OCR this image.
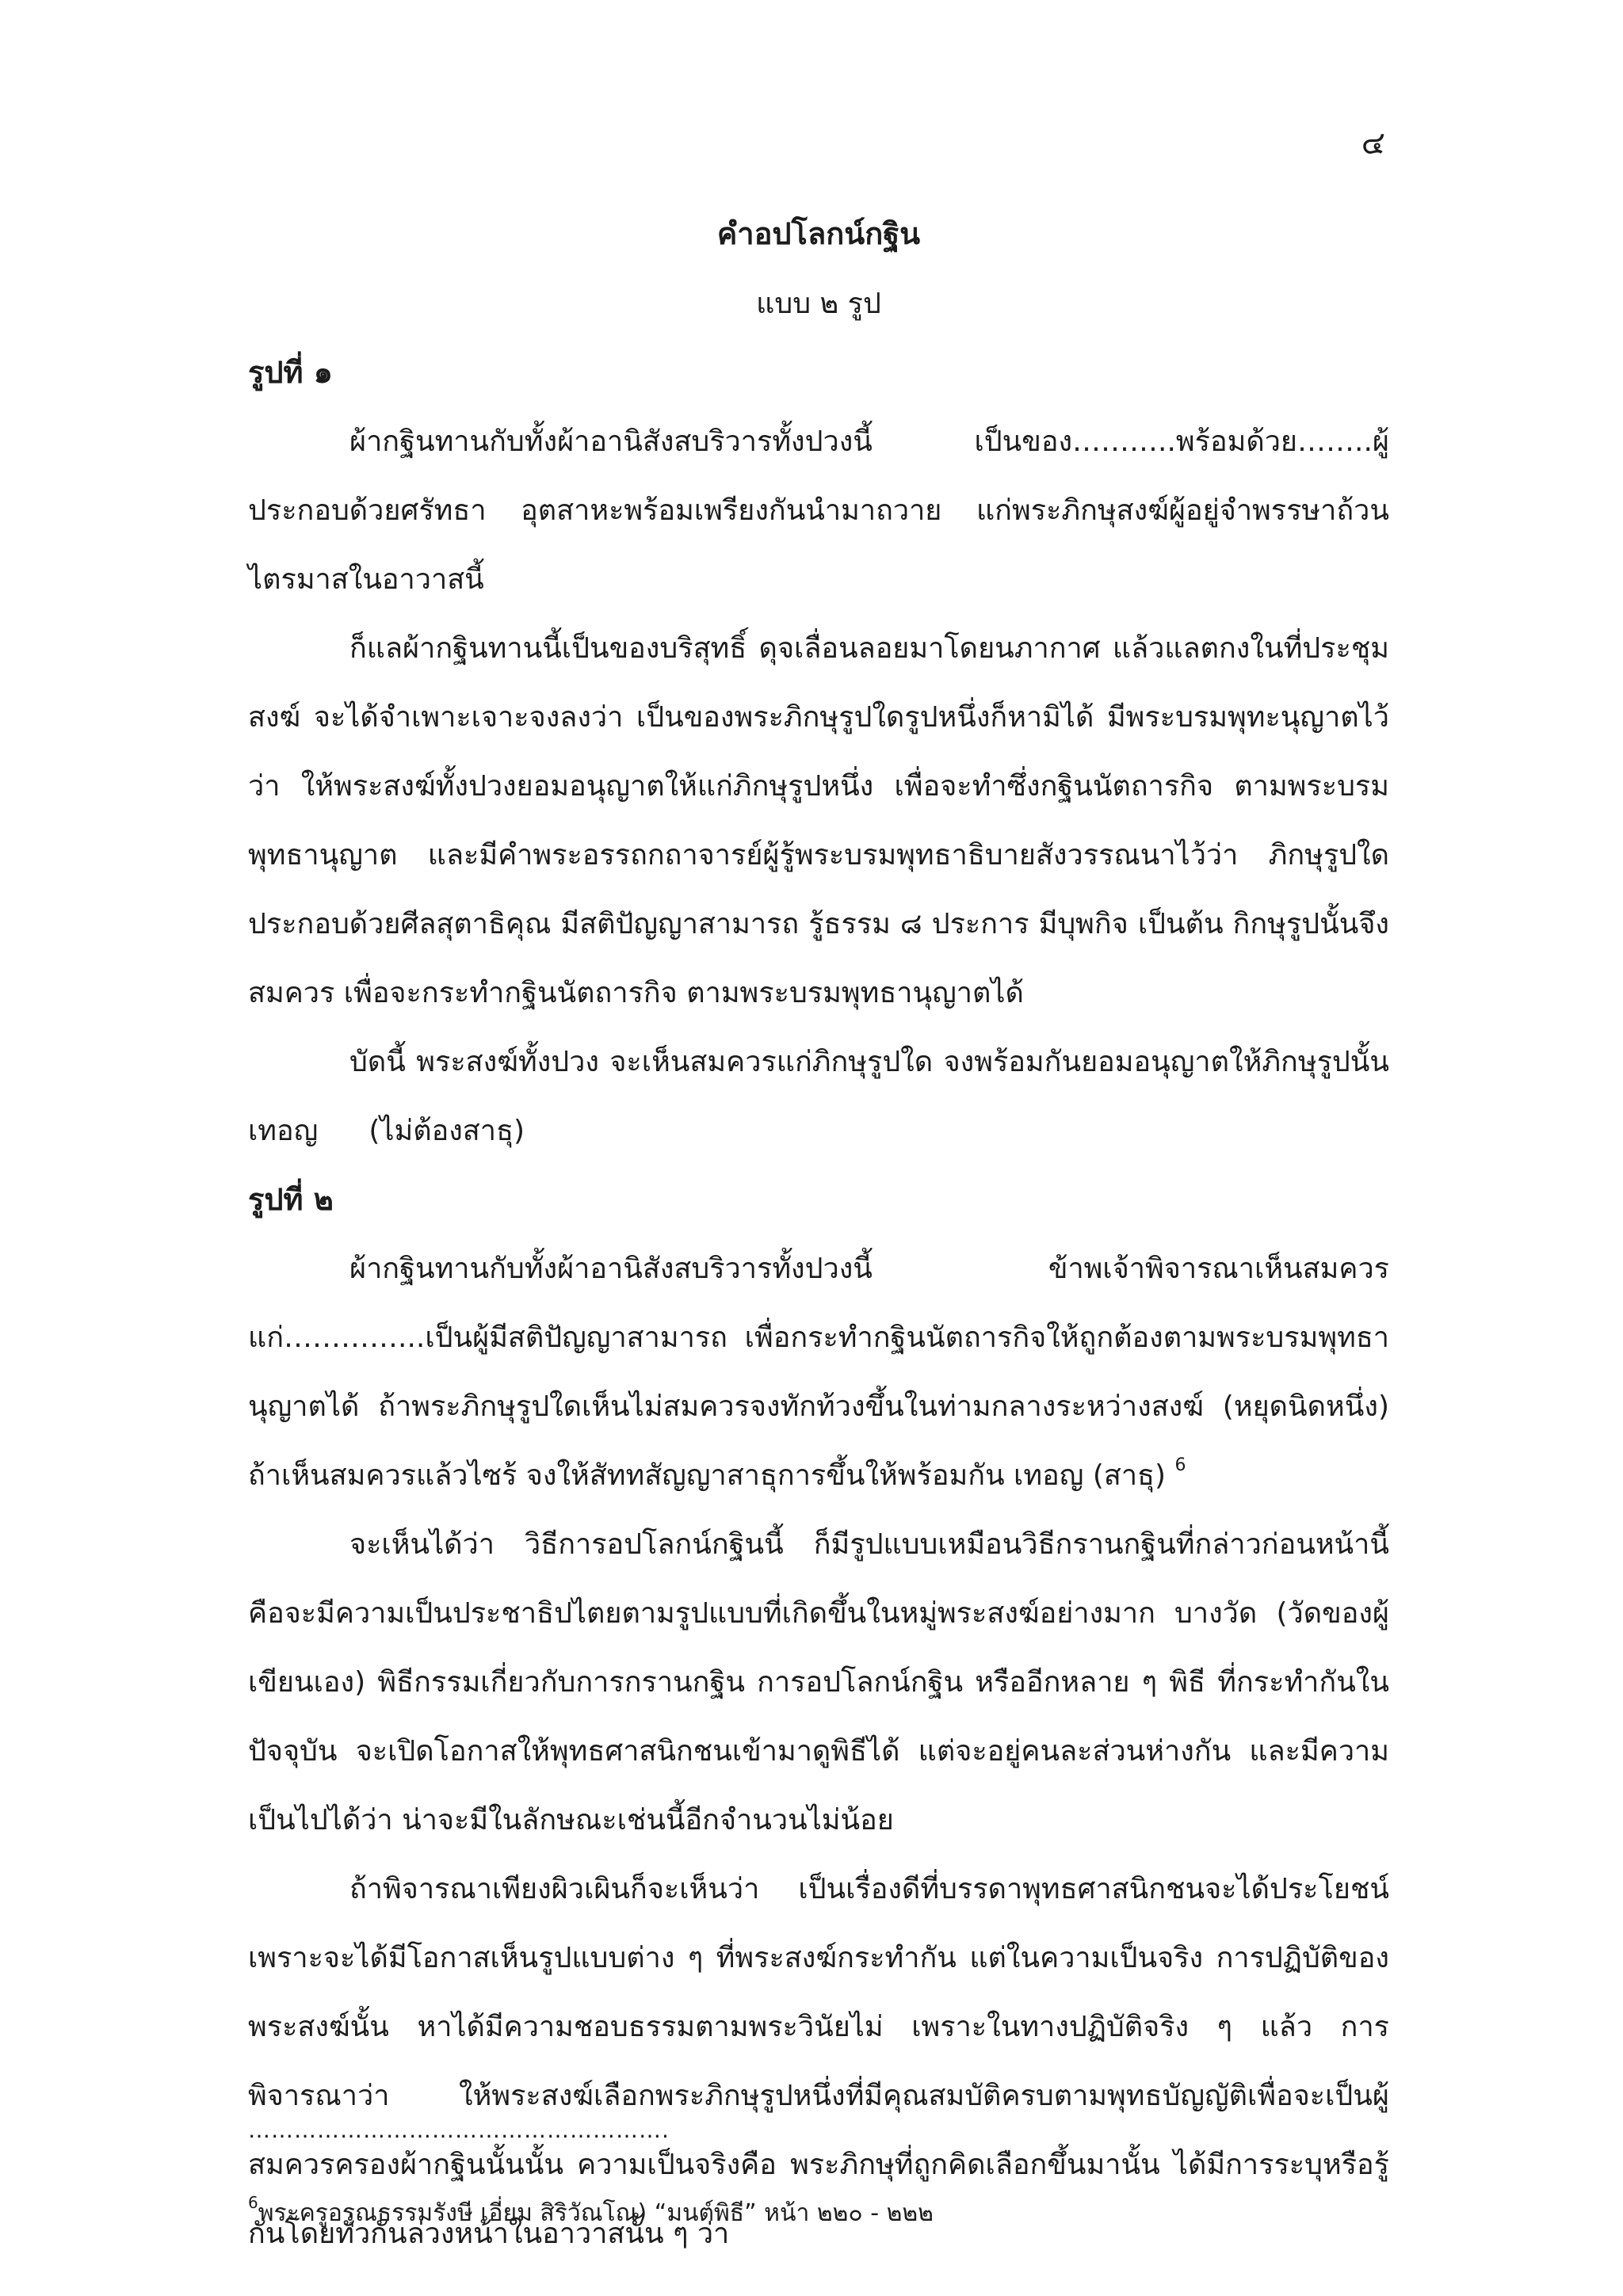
๔
คำอปโลกน์กฐิน
แบบ ๒ รูป
รูปที่ ๑

ผ้ากฐินทานกับทั้งผ้าอานิสังสบริวารทั้งปวงนี้ เป็นของ………..พร้อมด้วย……..ผู้ประกอบด้วยศรัทธา อุตสาหะพร้อมเพรียงกันนำมาถวาย แก่พระภิกษุสงฆ์ผู้อยู่จำพรรษาถ้วนไตรมาสในอาวาสนี้

ก็แลผ้ากฐินทานนี้เป็นของบริสุทธิ์ ดุจเลื่อนลอยมาโดยนภากาศ แล้วแลตกงในที่ประชุมสงฆ์ จะได้จำเพาะเจาะจงลงว่า เป็นของพระภิกษุรูปใดรูปหนึ่งก็หามิได้ มีพระบรมพุทะนุญาตไว้ว่า ให้พระสงฆ์ทั้งปวงยอมอนุญาตให้แก่ภิกษุรูปหนึ่ง เพื่อจะทำซึ่งกฐินนัตถารกิจ ตามพระบรมพุทธานุญาต และมีคำพระอรรถกถาจารย์ผู้รู้พระบรมพุทธาธิบายสังวรรณนาไว้ว่า ภิกษุรูปใดประกอบด้วยศีลสุตาธิคุณ มีสติปัญญาสามารถ รู้ธรรม ๘ ประการ มีบุพกิจ เป็นต้น กิกษุรูปนั้นจึงสมควร เพื่อจะกระทำกฐินนัตถารกิจ ตามพระบรมพุทธานุญาตได้

บัดนี้ พระสงฆ์ทั้งปวง จะเห็นสมควรแก่ภิกษุรูปใด จงพร้อมกันยอมอนุญาตให้ภิกษุรูปนั้น เทอญ (ไม่ต้องสาธุ)

รูปที่ ๒

ผ้ากฐินทานกับทั้งผ้าอานิสังสบริวารทั้งปวงนี้ ข้าพเจ้าพิจารณาเห็นสมควรแก่…………...เป็นผู้มีสติปัญญาสามารถ เพื่อกระทำกฐินนัตถารกิจให้ถูกต้องตามพระบรมพุทธานุญาตได้ ถ้าพระภิกษุรูปใดเห็นไม่สมควรจงทักท้วงขึ้นในท่ามกลางระหว่างสงฆ์ (หยุดนิดหนึ่ง) ถ้าเห็นสมควรแล้วไซร้ จงให้สัททสัญญาสาธุการขึ้นให้พร้อมกัน เทอญ (สาธุ) $^6$

จะเห็นได้ว่า วิธีการอปโลกน์กฐินนี้ ก็มีรูปแบบเหมือนวิธีกรานกฐินที่กล่าวก่อนหน้านี้ คือจะมีความเป็นประชาธิปไตยตามรูปแบบที่เกิดขึ้นในหมู่พระสงฆ์อย่างมาก บางวัด (วัดของผู้เขียนเอง) พิธีกรรมเกี่ยวกับการกรานกฐิน การอปโลกน์กฐิน หรืออีกหลาย ๆ พิธี ที่กระทำกันในปัจจุบัน จะเปิดโอกาสให้พุทธศาสนิกชนเข้ามาดูพิธีได้ แต่จะอยู่คนละส่วนห่างกัน และมีความเป็นไปได้ว่า น่าจะมีในลักษณะเช่นนี้อีกจำนวนไม่น้อย

ถ้าพิจารณาเพียงผิวเผินก็จะเห็นว่า เป็นเรื่องดีที่บรรดาพุทธศาสนิกชนจะได้ประโยชน์ เพราะจะได้มีโอกาสเห็นรูปแบบต่าง ๆ ที่พระสงฆ์กระทำกัน แต่ในความเป็นจริง การปฏิบัติของพระสงฆ์นั้น หาได้มีความชอบธรรมตามพระวินัยไม่ เพราะในทางปฏิบัติจริง ๆ แล้ว การพิจารณาว่า ให้พระสงฆ์เลือกพระภิกษุรูปหนึ่งที่มีคุณสมบัติครบตามพุทธบัญญัติเพื่อจะเป็นผู้สมควรครองผ้ากฐินนั้นนั้น ความเป็นจริงคือ พระภิกษุที่ถูกคิดเลือกขึ้นมานั้น ได้มีการระบุหรือรู้กันโดยทั่วกันล่วงหน้าในอาวาสนั้น ๆ ว่า

……………………………………………….
$^6$พระครูอรุณธรรมรังษี เอี่ยม สิริวัณโณ) “มนต์พิธี” หน้า ๒๒๐ - ๒๒๒
